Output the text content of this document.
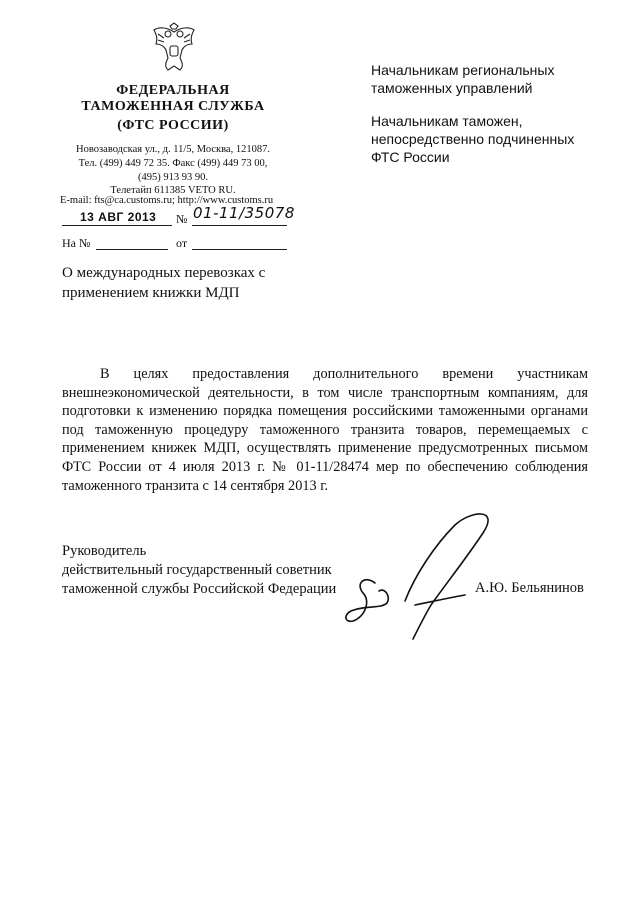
ФЕДЕРАЛЬНАЯ
ТАМОЖЕННАЯ СЛУЖБА
(ФТС РОССИИ)
Новозаводская ул., д. 11/5, Москва, 121087.
Тел. (499) 449 72 35. Факс (499) 449 73 00,
(495) 913 93 90.
Телетайп 611385 VETO RU.
E-mail: fts@ca.customs.ru; http://www.customs.ru
13 АВГ 2013 № 01-11/35078
На №	от
О международных перевозках с
применением книжки МДП
Начальникам региональных
таможенных управлений
Начальникам таможен,
непосредственно подчиненных
ФТС России

В целях предоставления дополнительного времени участникам внешнеэкономической деятельности, в том числе транспортным компаниям, для подготовки к изменению порядка помещения российскими таможенными органами под таможенную процедуру таможенного транзита товаров, перемещаемых с применением книжек МДП, осуществлять применение предусмотренных письмом ФТС России от 4 июля 2013 г. № 01-11/28474 мер по обеспечению соблюдения таможенного транзита с 14 сентября 2013 г.

Руководитель
действительный государственный советник
таможенной службы Российской Федерации	А.Ю. Бельянинов
